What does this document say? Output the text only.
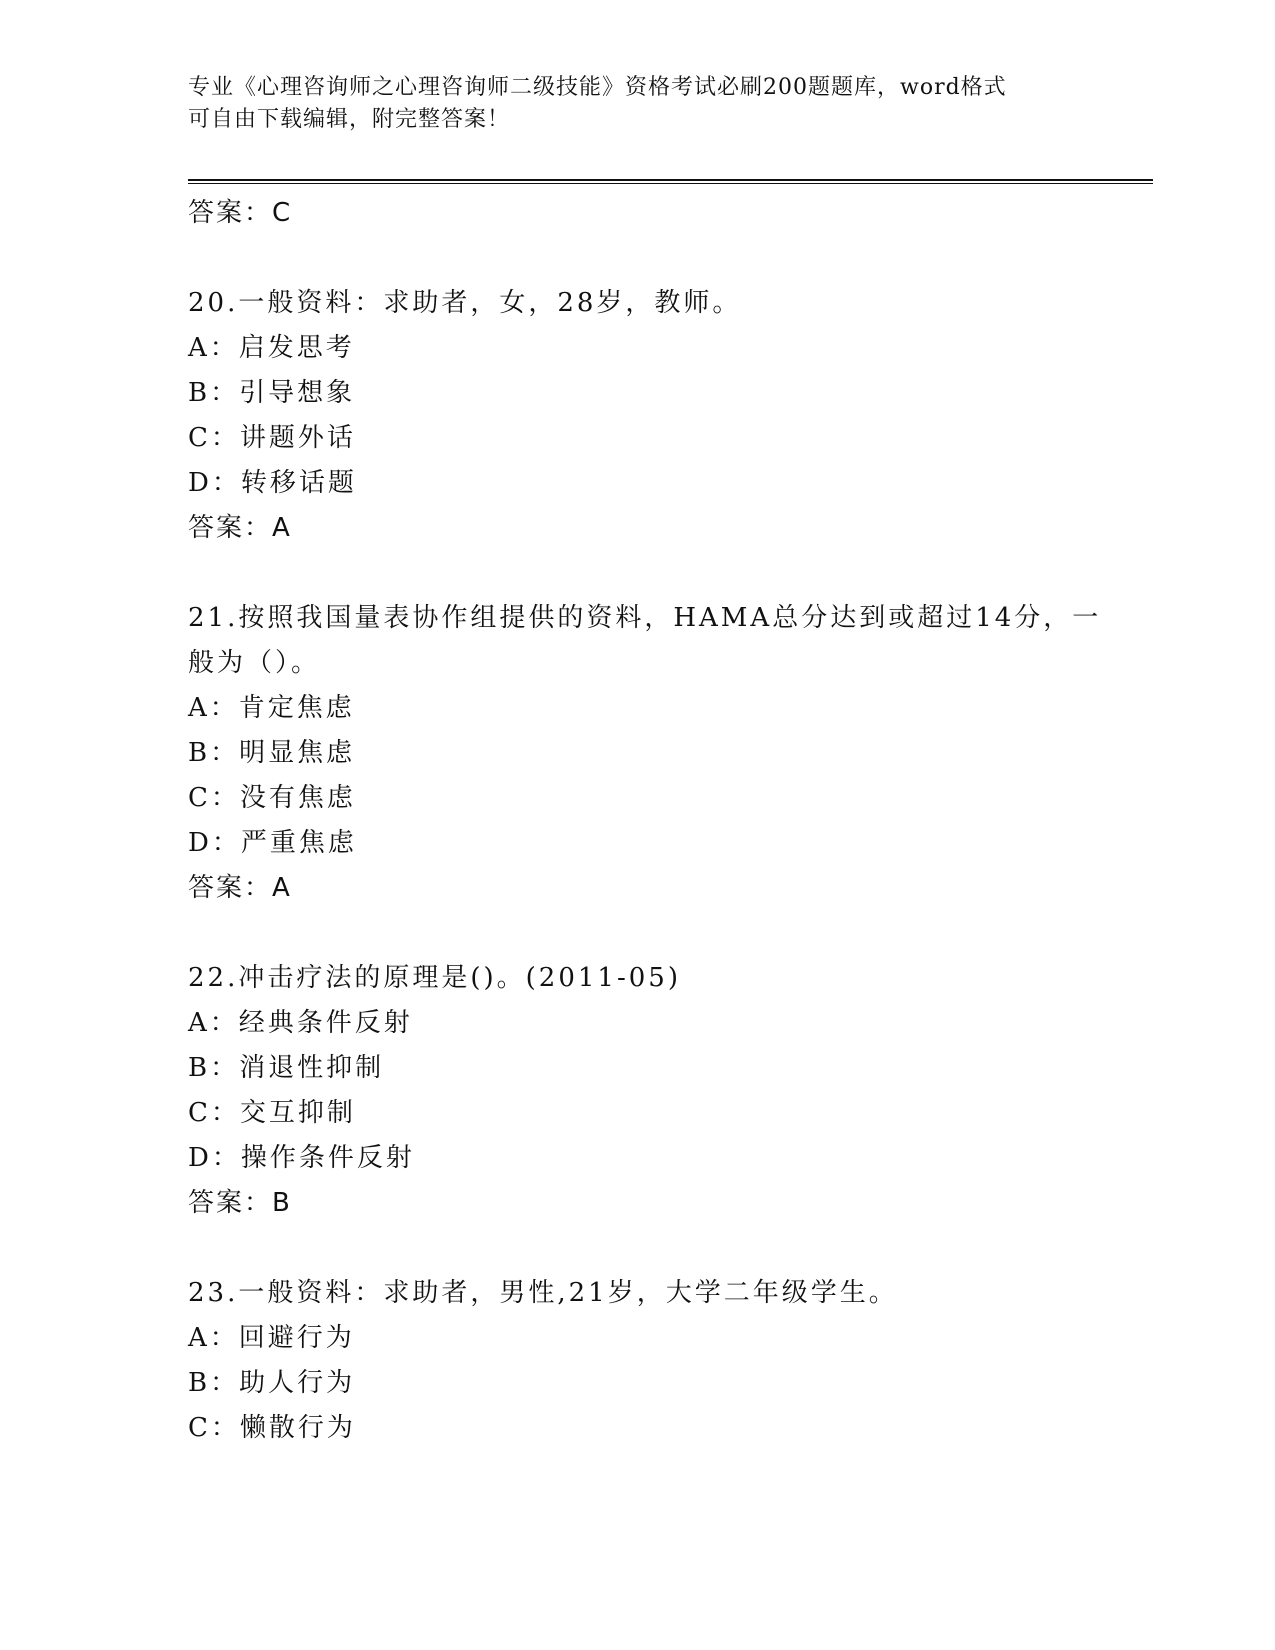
专业《心理咨询师之心理咨询师二级技能》资格考试必刷200题题库，word格式
可自由下载编辑，附完整答案！
答案：C
20.一般资料：求助者，女，28岁，教师。
A：启发思考
B：引导想象
C：讲题外话
D：转移话题
答案：A
21.按照我国量表协作组提供的资料，HAMA总分达到或超过14分，一
般为（）。
A：肯定焦虑
B：明显焦虑
C：没有焦虑
D：严重焦虑
答案：A
22.冲击疗法的原理是()。(2011-05)
A：经典条件反射
B：消退性抑制
C：交互抑制
D：操作条件反射
答案：B
23.一般资料：求助者，男性,21岁，大学二年级学生。
A：回避行为
B：助人行为
C：懒散行为
